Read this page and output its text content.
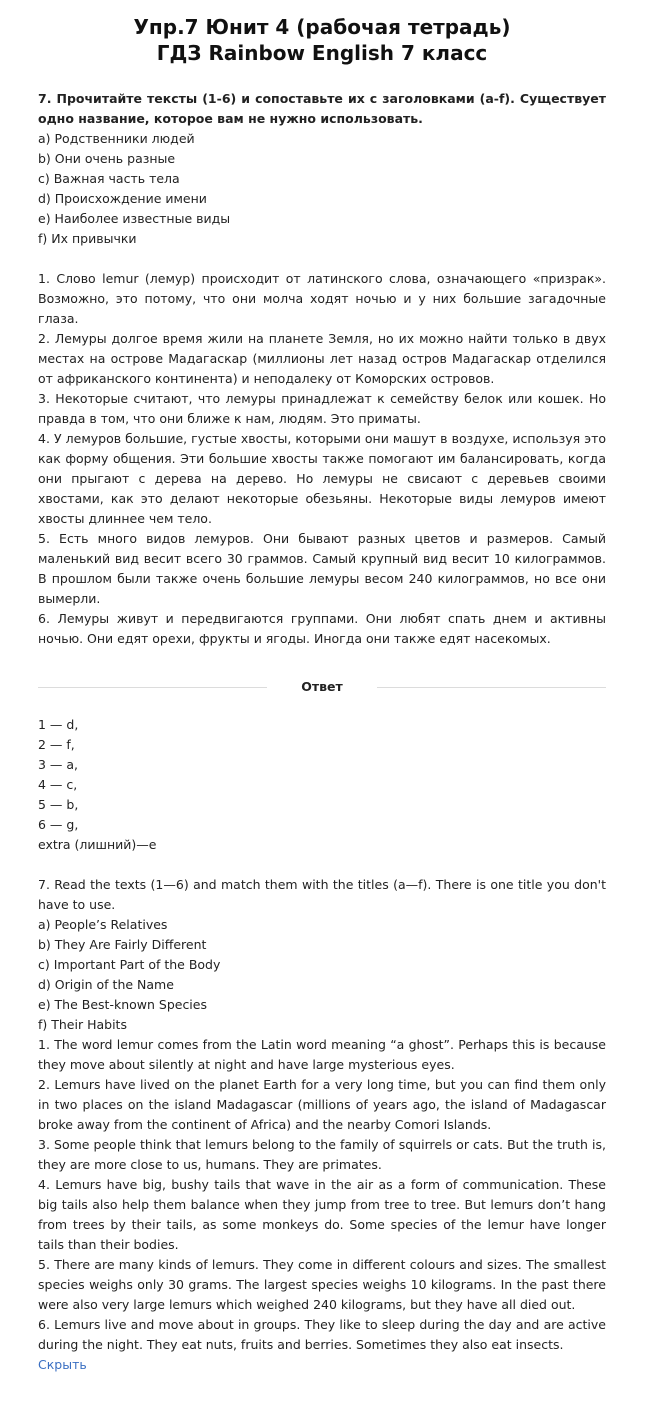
Упр.7 Юнит 4 (рабочая тетрадь)
ГДЗ Rainbow English 7 класс

7. Прочитайте тексты (1-6) и сопоставьте их с заголовками (a-f). Существует одно название, которое вам не нужно использовать.

a) Родственники людей

b) Они очень разные

c) Важная часть тела

d) Происхождение имени

e) Наиболее известные виды

f) Их привычки

1. Слово lemur (лемур) происходит от латинского слова, означающего «призрак». Возможно, это потому, что они молча ходят ночью и у них большие загадочные глаза.

2. Лемуры долгое время жили на планете Земля, но их можно найти только в двух местах на острове Мадагаскар (миллионы лет назад остров Мадагаскар отделился от африканского континента) и неподалеку от Коморских островов.

3. Некоторые считают, что лемуры принадлежат к семейству белок или кошек. Но правда в том, что они ближе к нам, людям. Это приматы.

4. У лемуров большие, густые хвосты, которыми они машут в воздухе, используя это как форму общения. Эти большие хвосты также помогают им балансировать, когда они прыгают с дерева на дерево. Но лемуры не свисают с деревьев своими хвостами, как это делают некоторые обезьяны. Некоторые виды лемуров имеют хвосты длиннее чем тело.

5. Есть много видов лемуров. Они бывают разных цветов и размеров. Самый маленький вид весит всего 30 граммов. Самый крупный вид весит 10 килограммов. В прошлом были также очень большие лемуры весом 240 килограммов, но все они вымерли.

6. Лемуры живут и передвигаются группами. Они любят спать днем и активны ночью. Они едят орехи, фрукты и ягоды. Иногда они также едят насекомых.

Ответ

1 — d,

2 — f,

3 — a,

4 — c,

5 — b,

6 — g,

extra (лишний)—e

7. Read the texts (1—6) and match them with the titles (a—f). There is one title you don't have to use.

a) People’s Relatives

b) They Are Fairly Different

c) Important Part of the Body

d) Origin of the Name

e) The Best-known Species

f) Their Habits

1. The word lemur comes from the Latin word meaning “a ghost”. Perhaps this is because they move about silently at night and have large mysterious eyes.

2. Lemurs have lived on the planet Earth for a very long time, but you can find them only in two places on the island Madagascar (millions of years ago, the island of Madagascar broke away from the continent of Africa) and the nearby Comori Islands.

3. Some people think that lemurs belong to the family of squirrels or cats. But the truth is, they are more close to us, humans. They are primates.

4. Lemurs have big, bushy tails that wave in the air as a form of communication. These big tails also help them balance when they jump from tree to tree. But lemurs don’t hang from trees by their tails, as some monkeys do. Some species of the lemur have longer tails than their bodies.

5. There are many kinds of lemurs. They come in different colours and sizes. The smallest species weighs only 30 grams. The largest species weighs 10 kilograms. In the past there were also very large lemurs which weighed 240 kilograms, but they have all died out.

6. Lemurs live and move about in groups. They like to sleep during the day and are active during the night. They eat nuts, fruits and berries. Sometimes they also eat insects.

Скрыть
